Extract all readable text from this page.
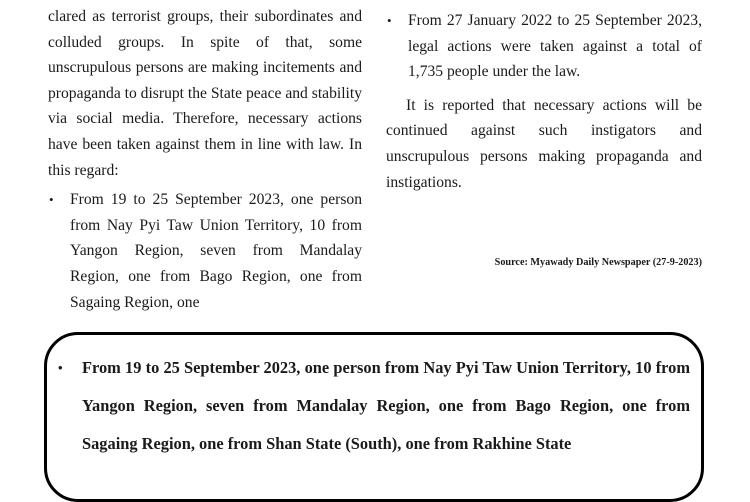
clared as terrorist groups, their subordinates and colluded groups. In spite of that, some unscrupulous persons are making incitements and propaganda to disrupt the State peace and stability via social media. Therefore, necessary actions have been taken against them in line with law. In this regard:

• From 19 to 25 September 2023, one person from Nay Pyi Taw Union Territory, 10 from Yangon Region, seven from Mandalay Region, one from Bago Region, one from Sagaing Region, one
• From 27 January 2022 to 25 September 2023, legal actions were taken against a total of 1,735 people under the law.

It is reported that necessary actions will be continued against such instigators and unscrupulous persons making propaganda and instigations.

Source: Myawady Daily Newspaper (27-9-2023)
• From 19 to 25 September 2023, one person from Nay Pyi Taw Union Territory, 10 from Yangon Region, seven from Mandalay Region, one from Bago Region, one from Sagaing Region, one from Shan State (South), one from Rakhine State
